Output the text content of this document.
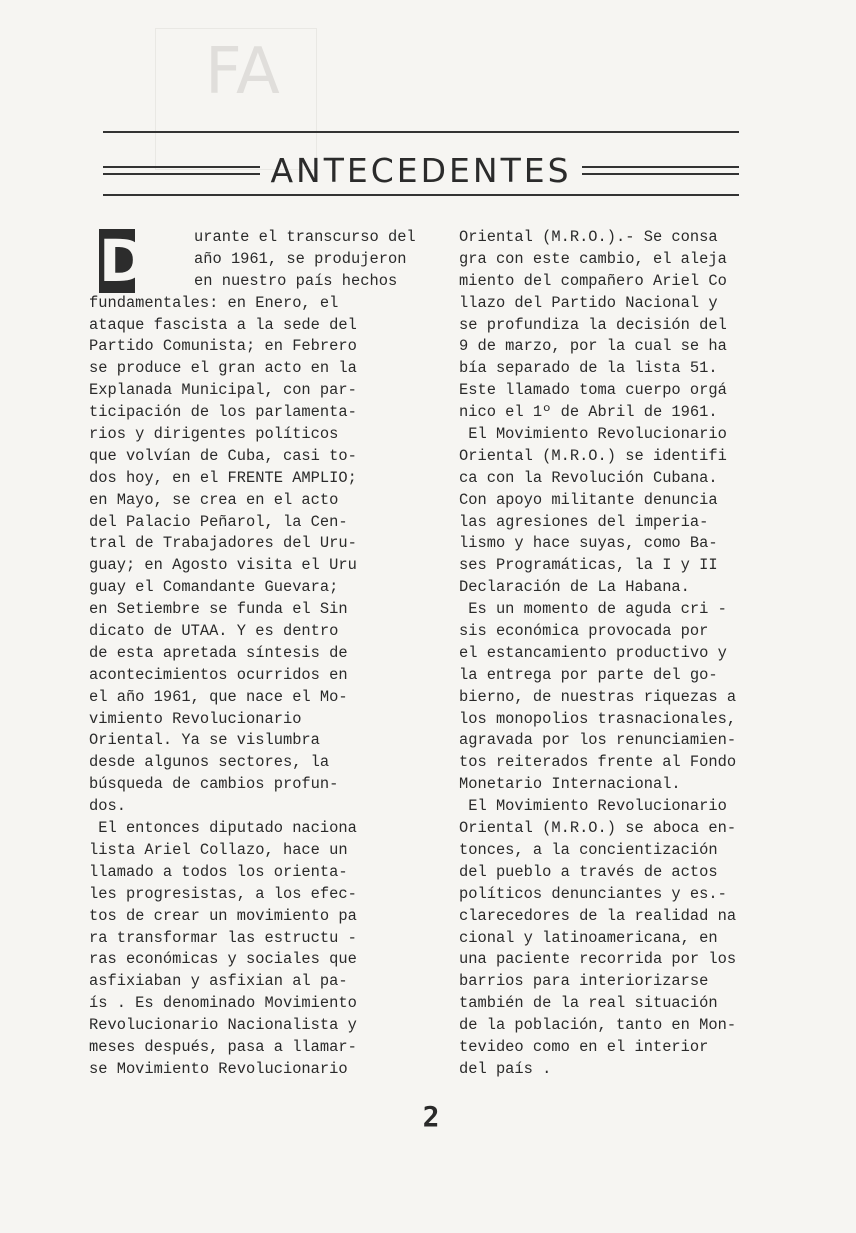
FA
ANTECEDENTES
D	urante el transcurso del
año 1961, se produjeron
en nuestro país hechos
fundamentales: en Enero, el
ataque fascista a la sede del
Partido Comunista; en Febrero
se produce el gran acto en la
Explanada Municipal, con par-
ticipación de los parlamenta-
rios y dirigentes políticos
que volvían de Cuba, casi to-
dos hoy, en el FRENTE AMPLIO;
en Mayo, se crea en el acto
del Palacio Peñarol, la Cen-
tral de Trabajadores del Uru-
guay; en Agosto visita el Uru
guay el Comandante Guevara;
en Setiembre se funda el Sin
dicato de UTAA. Y es dentro
de esta apretada síntesis de
acontecimientos ocurridos en
el año 1961, que nace el Mo-
vimiento Revolucionario
Oriental. Ya se vislumbra
desde algunos sectores, la
búsqueda de cambios profun-
dos.
El entonces diputado naciona
lista Ariel Collazo, hace un
llamado a todos los orienta-
les progresistas, a los efec-
tos de crear un movimiento pa
ra transformar las estructu -
ras económicas y sociales que
asfixiaban y asfixian al pa-
ís . Es denominado Movimiento
Revolucionario Nacionalista y
meses después, pasa a llamar-
se Movimiento Revolucionario
Oriental (M.R.O.).- Se consa
gra con este cambio, el aleja
miento del compañero Ariel Co
llazo del Partido Nacional y
se profundiza la decisión del
9 de marzo, por la cual se ha
bía separado de la lista 51.
Este llamado toma cuerpo orgá
nico el 1º de Abril de 1961.
El Movimiento Revolucionario
Oriental (M.R.O.) se identifi
ca con la Revolución Cubana.
Con apoyo militante denuncia
las agresiones del imperia-
lismo y hace suyas, como Ba-
ses Programáticas, la I y II
Declaración de La Habana.
Es un momento de aguda cri -
sis económica provocada por
el estancamiento productivo y
la entrega por parte del go-
bierno, de nuestras riquezas a
los monopolios trasnacionales,
agravada por los renunciamien-
tos reiterados frente al Fondo
Monetario Internacional.
El Movimiento Revolucionario
Oriental (M.R.O.) se aboca en-
tonces, a la concientización
del pueblo a través de actos
políticos denunciantes y es.-
clarecedores de la realidad na
cional y latinoamericana, en
una paciente recorrida por los
barrios para interiorizarse
también de la real situación
de la población, tanto en Mon-
tevideo como en el interior
del país .
2
